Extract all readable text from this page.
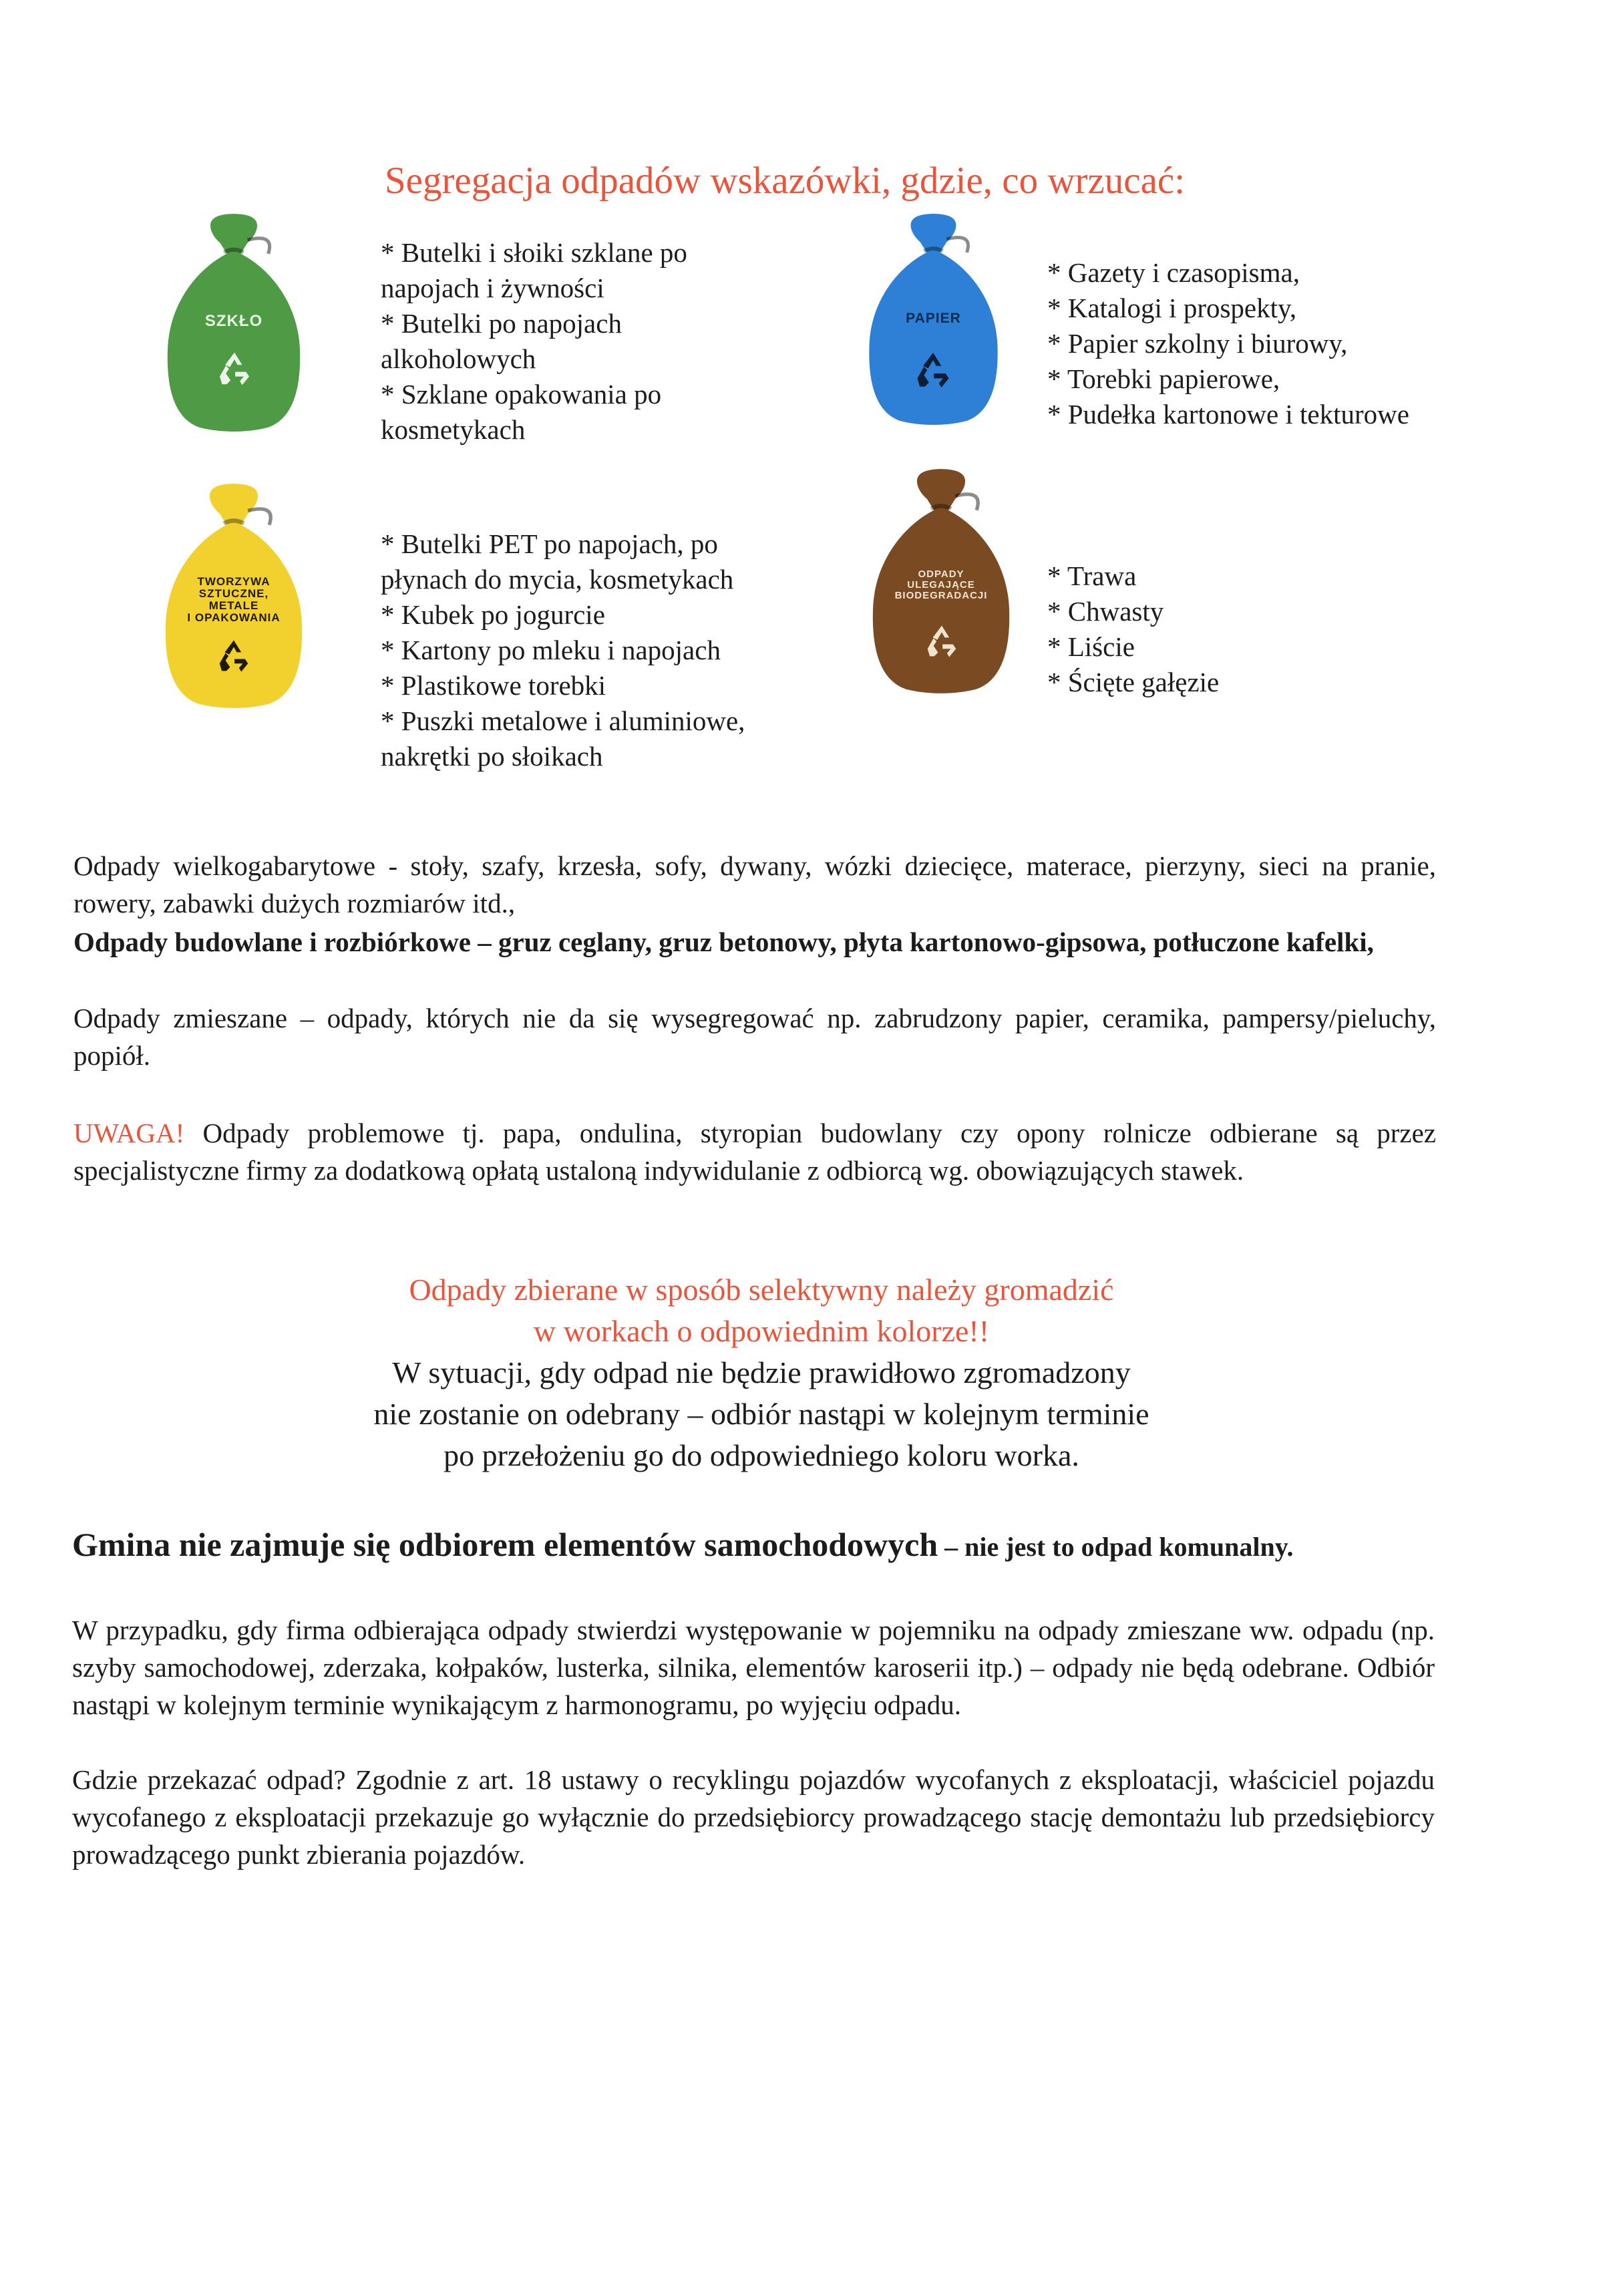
Segregacja odpadów wskazówki, gdzie, co wrzucać:
SZKŁO
* Butelki i słoiki szklane po
napojach i żywności
* Butelki po napojach
alkoholowych
* Szklane opakowania po
kosmetykach
PAPIER
* Gazety i czasopisma,
* Katalogi i prospekty,
* Papier szkolny i biurowy,
* Torebki papierowe,
* Pudełka kartonowe i tekturowe
TWORZYWA
SZTUCZNE,
METALE
I OPAKOWANIA
* Butelki PET po napojach, po
płynach do mycia, kosmetykach
* Kubek po jogurcie
* Kartony po mleku i napojach
* Plastikowe torebki
* Puszki metalowe i aluminiowe,
nakrętki po słoikach
ODPADY
ULEGAJĄCE
BIODEGRADACJI
* Trawa
* Chwasty
* Liście
* Ścięte gałęzie

Odpady wielkogabarytowe - stoły, szafy, krzesła, sofy, dywany, wózki dziecięce, materace, pierzyny, sieci na pranie, rowery, zabawki dużych rozmiarów itd.,

Odpady budowlane i rozbiórkowe – gruz ceglany, gruz betonowy, płyta kartonowo-gipsowa, potłuczone kafelki,

Odpady zmieszane – odpady, których nie da się wysegregować np. zabrudzony papier, ceramika, pampersy/pieluchy, popiół.

UWAGA! Odpady problemowe tj. papa, ondulina, styropian budowlany czy opony rolnicze odbierane są przez specjalistyczne firmy za dodatkową opłatą ustaloną indywidulanie z odbiorcą wg. obowiązujących stawek.

Odpady zbierane w sposób selektywny należy gromadzić
w workach o odpowiednim kolorze!!
W sytuacji, gdy odpad nie będzie prawidłowo zgromadzony
nie zostanie on odebrany – odbiór nastąpi w kolejnym terminie
po przełożeniu go do odpowiedniego koloru worka.

Gmina nie zajmuje się odbiorem elementów samochodowych – nie jest to odpad komunalny.

W przypadku, gdy firma odbierająca odpady stwierdzi występowanie w pojemniku na odpady zmieszane ww. odpadu (np. szyby samochodowej, zderzaka, kołpaków, lusterka, silnika, elementów karoserii itp.) – odpady nie będą odebrane. Odbiór nastąpi w kolejnym terminie wynikającym z harmonogramu, po wyjęciu odpadu.

Gdzie przekazać odpad? Zgodnie z art. 18 ustawy o recyklingu pojazdów wycofanych z eksploatacji, właściciel pojazdu wycofanego z eksploatacji przekazuje go wyłącznie do przedsiębiorcy prowadzącego stację demontażu lub przedsiębiorcy prowadzącego punkt zbierania pojazdów.
